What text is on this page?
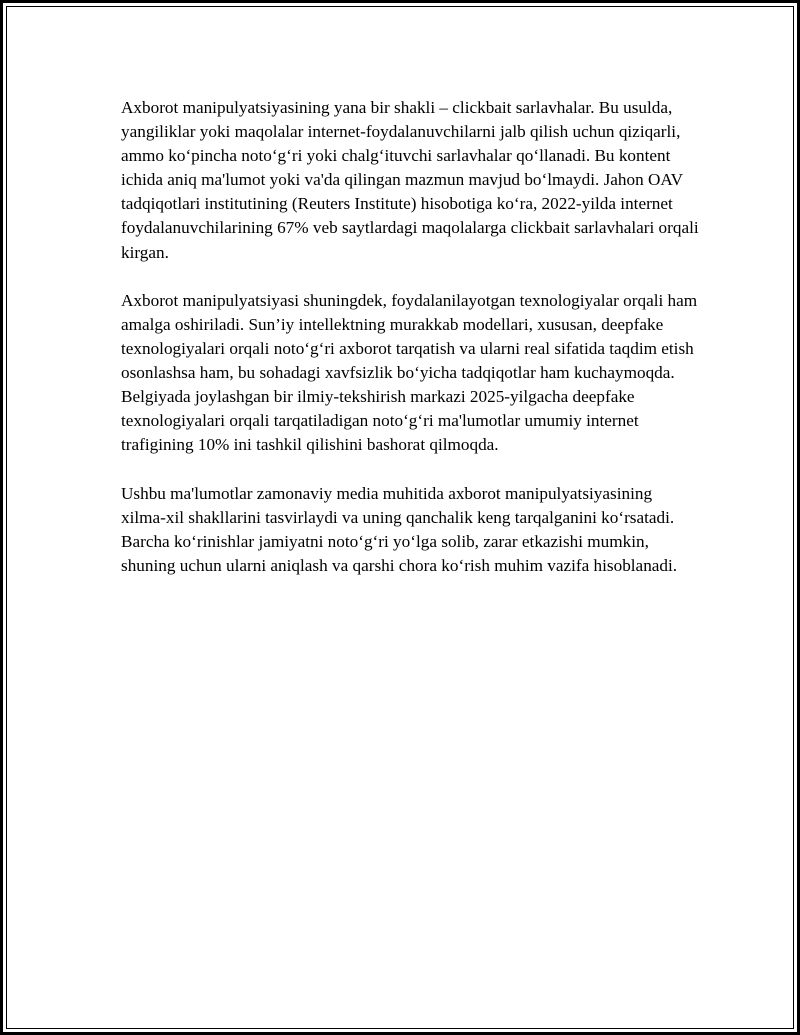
Axborot manipulyatsiyasining yana bir shakli – clickbait sarlavhalar. Bu usulda, yangiliklar yoki maqolalar internet-foydalanuvchilarni jalb qilish uchun qiziqarli, ammo ko‘pincha noto‘g‘ri yoki chalg‘ituvchi sarlavhalar qo‘llanadi. Bu kontent ichida aniq ma'lumot yoki va'da qilingan mazmun mavjud bo‘lmaydi. Jahon OAV tadqiqotlari institutining (Reuters Institute) hisobotiga ko‘ra, 2022-yilda internet foydalanuvchilarining 67% veb saytlardagi maqolalarga clickbait sarlavhalari orqali kirgan.

Axborot manipulyatsiyasi shuningdek, foydalanilayotgan texnologiyalar orqali ham amalga oshiriladi. Sun’iy intellektning murakkab modellari, xususan, deepfake texnologiyalari orqali noto‘g‘ri axborot tarqatish va ularni real sifatida taqdim etish osonlashsa ham, bu sohadagi xavfsizlik bo‘yicha tadqiqotlar ham kuchaymoqda. Belgiyada joylashgan bir ilmiy-tekshirish markazi 2025-yilgacha deepfake texnologiyalari orqali tarqatiladigan noto‘g‘ri ma'lumotlar umumiy internet trafigining 10% ini tashkil qilishini bashorat qilmoqda.

Ushbu ma'lumotlar zamonaviy media muhitida axborot manipulyatsiyasining xilma-xil shakllarini tasvirlaydi va uning qanchalik keng tarqalganini ko‘rsatadi. Barcha ko‘rinishlar jamiyatni noto‘g‘ri yo‘lga solib, zarar etkazishi mumkin, shuning uchun ularni aniqlash va qarshi chora ko‘rish muhim vazifa hisoblanadi.
